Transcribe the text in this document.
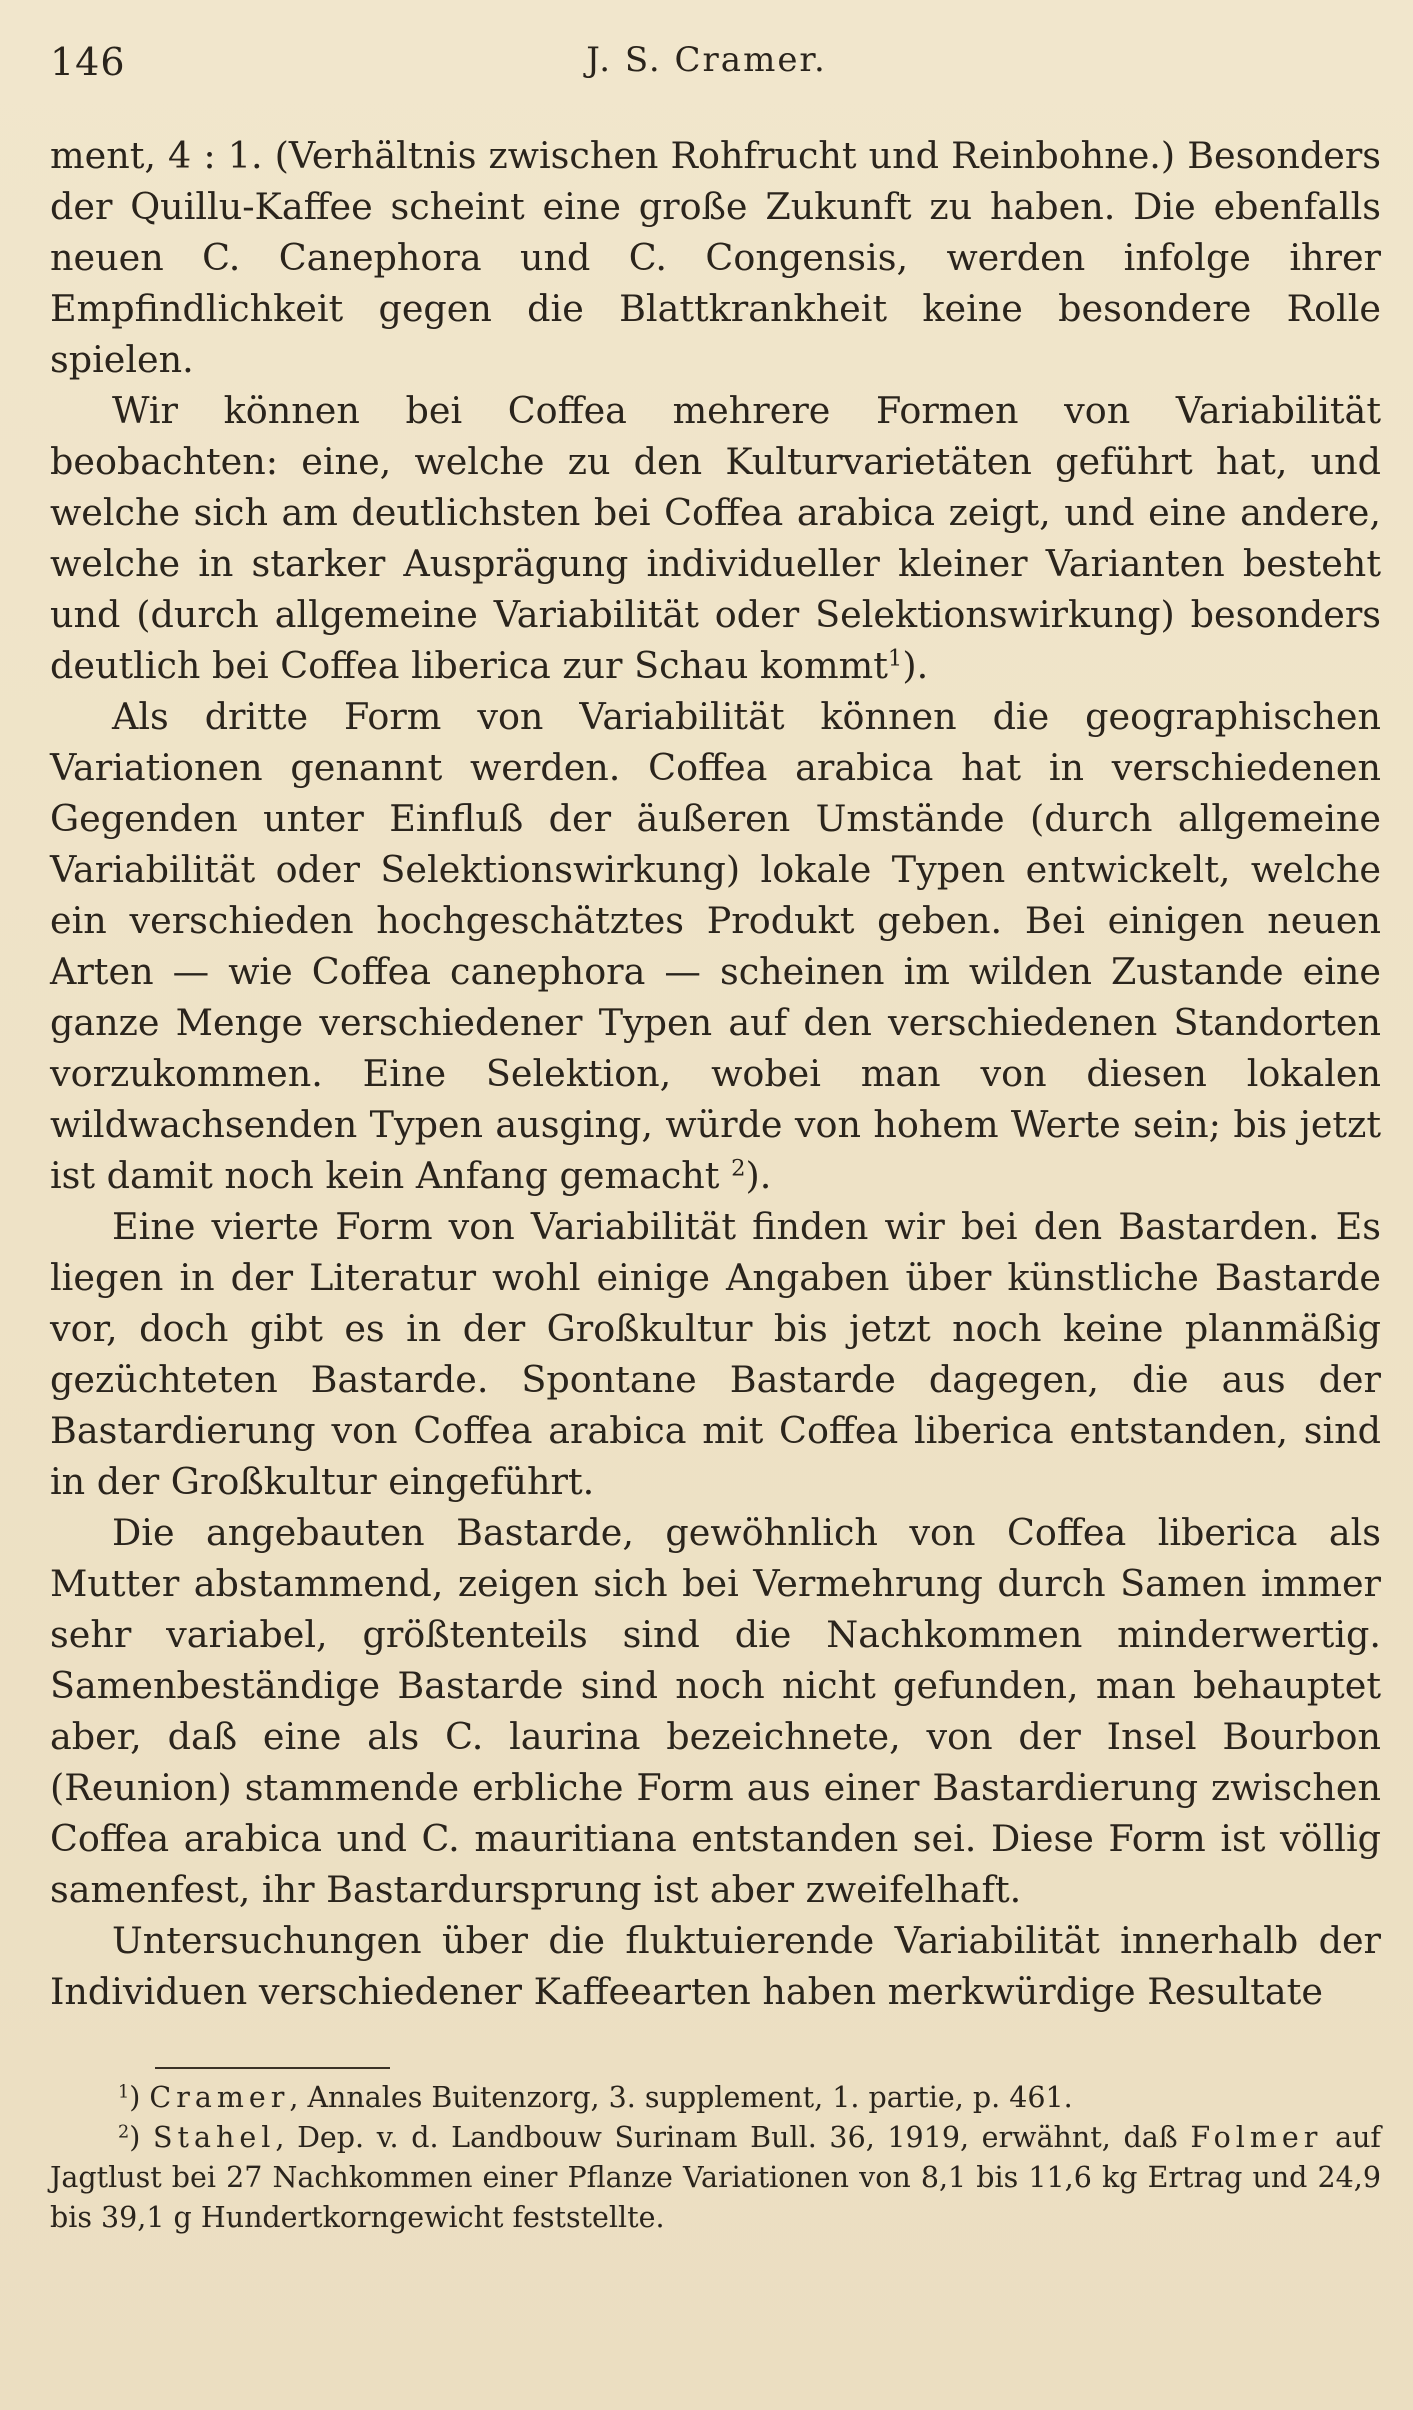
146	J. S. Cramer.

ment, 4 : 1. (Verhältnis zwischen Rohfrucht und Reinbohne.) Besonders der Quillu-Kaffee scheint eine große Zukunft zu haben. Die ebenfalls neuen C. Canephora und C. Congensis, werden infolge ihrer Empfindlichkeit gegen die Blattkrankheit keine besondere Rolle spielen.

Wir können bei Coffea mehrere Formen von Variabilität beobachten: eine, welche zu den Kulturvarietäten geführt hat, und welche sich am deutlichsten bei Coffea arabica zeigt, und eine andere, welche in starker Ausprägung individueller kleiner Varianten besteht und (durch allgemeine Variabilität oder Selektionswirkung) besonders deutlich bei Coffea liberica zur Schau kommt$^1$).

Als dritte Form von Variabilität können die geographischen Variationen genannt werden. Coffea arabica hat in verschiedenen Gegenden unter Einfluß der äußeren Umstände (durch allgemeine Variabilität oder Selektionswirkung) lokale Typen entwickelt, welche ein verschieden hochgeschätztes Produkt geben. Bei einigen neuen Arten — wie Coffea canephora — scheinen im wilden Zustande eine ganze Menge verschiedener Typen auf den verschiedenen Standorten vorzukommen. Eine Selektion, wobei man von diesen lokalen wildwachsenden Typen ausging, würde von hohem Werte sein; bis jetzt ist damit noch kein Anfang gemacht $^2$).

Eine vierte Form von Variabilität finden wir bei den Bastarden. Es liegen in der Literatur wohl einige Angaben über künstliche Bastarde vor, doch gibt es in der Großkultur bis jetzt noch keine planmäßig gezüchteten Bastarde. Spontane Bastarde dagegen, die aus der Bastardierung von Coffea arabica mit Coffea liberica entstanden, sind in der Großkultur eingeführt.

Die angebauten Bastarde, gewöhnlich von Coffea liberica als Mutter abstammend, zeigen sich bei Vermehrung durch Samen immer sehr variabel, größtenteils sind die Nachkommen minderwertig. Samenbeständige Bastarde sind noch nicht gefunden, man behauptet aber, daß eine als C. laurina bezeichnete, von der Insel Bourbon (Reunion) stammende erbliche Form aus einer Bastardierung zwischen Coffea arabica und C. mauritiana entstanden sei. Diese Form ist völlig samenfest, ihr Bastardursprung ist aber zweifelhaft.

Untersuchungen über die fluktuierende Variabilität innerhalb der Individuen verschiedener Kaffeearten haben merkwürdige Resultate

$^1$) Cramer, Annales Buitenzorg, 3. supplement, 1. partie, p. 461.

$^2$) Stahel, Dep. v. d. Landbouw Surinam Bull. 36, 1919, erwähnt, daß Folmer auf Jagtlust bei 27 Nachkommen einer Pflanze Variationen von 8,1 bis 11,6 kg Ertrag und 24,9 bis 39,1 g Hundertkorngewicht feststellte.
